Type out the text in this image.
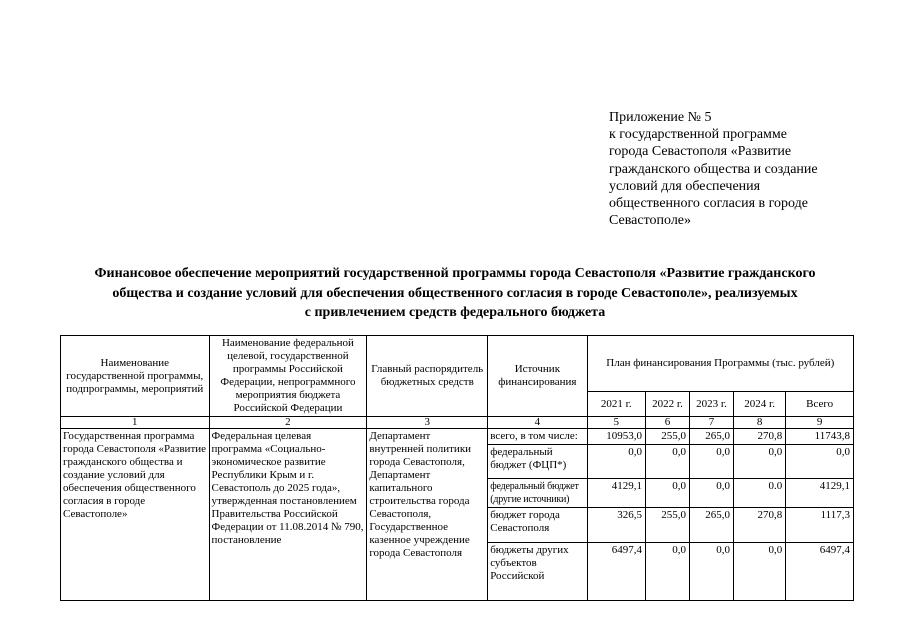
Приложение № 5
к государственной программе
города Севастополя «Развитие
гражданского общества и создание
условий для обеспечения
общественного согласия в городе
Севастополе»
Финансовое обеспечение мероприятий государственной программы города Севастополя «Развитие гражданского
общества и создание условий для обеспечения общественного согласия в городе Севастополе», реализуемых
с привлечением средств федерального бюджета
Наименование государственной программы, подпрограммы, мероприятий	Наименование федеральной целевой, государственной программы Российской Федерации, непрограммного мероприятия бюджета Российской Федерации	Главный распорядитель бюджетных средств	Источник финансирования	План финансирования Программы (тыс. рублей)				
				2021 г.	2022 г.	2023 г.	2024 г.	Всего
1	2	3	4	5	6	7	8	9
Государственная программа города Севастополя «Развитие гражданского общества и создание условий для обеспечения общественного согласия в городе Севастополе»	Федеральная целевая программа «Социально-экономическое развитие Республики Крым и г. Севастополь до 2025 года», утвержденная постановлением Правительства Российской Федерации от 11.08.2014 № 790, постановление	Департамент внутренней политики города Севастополя, Департамент капитального строительства города Севастополя, Государственное казенное учреждение города Севастополя	всего, в том числе:	10953,0	255,0	265,0	270,8	11743,8
			федеральный бюджет (ФЦП*)	0,0	0,0	0,0	0,0	0,0
			федеральный бюджет (другие источники)	4129,1	0,0	0,0	0.0	4129,1
			бюджет города Севастополя	326,5	255,0	265,0	270,8	1117,3
			бюджеты других субъектов Российской	6497,4	0,0	0,0	0,0	6497,4
